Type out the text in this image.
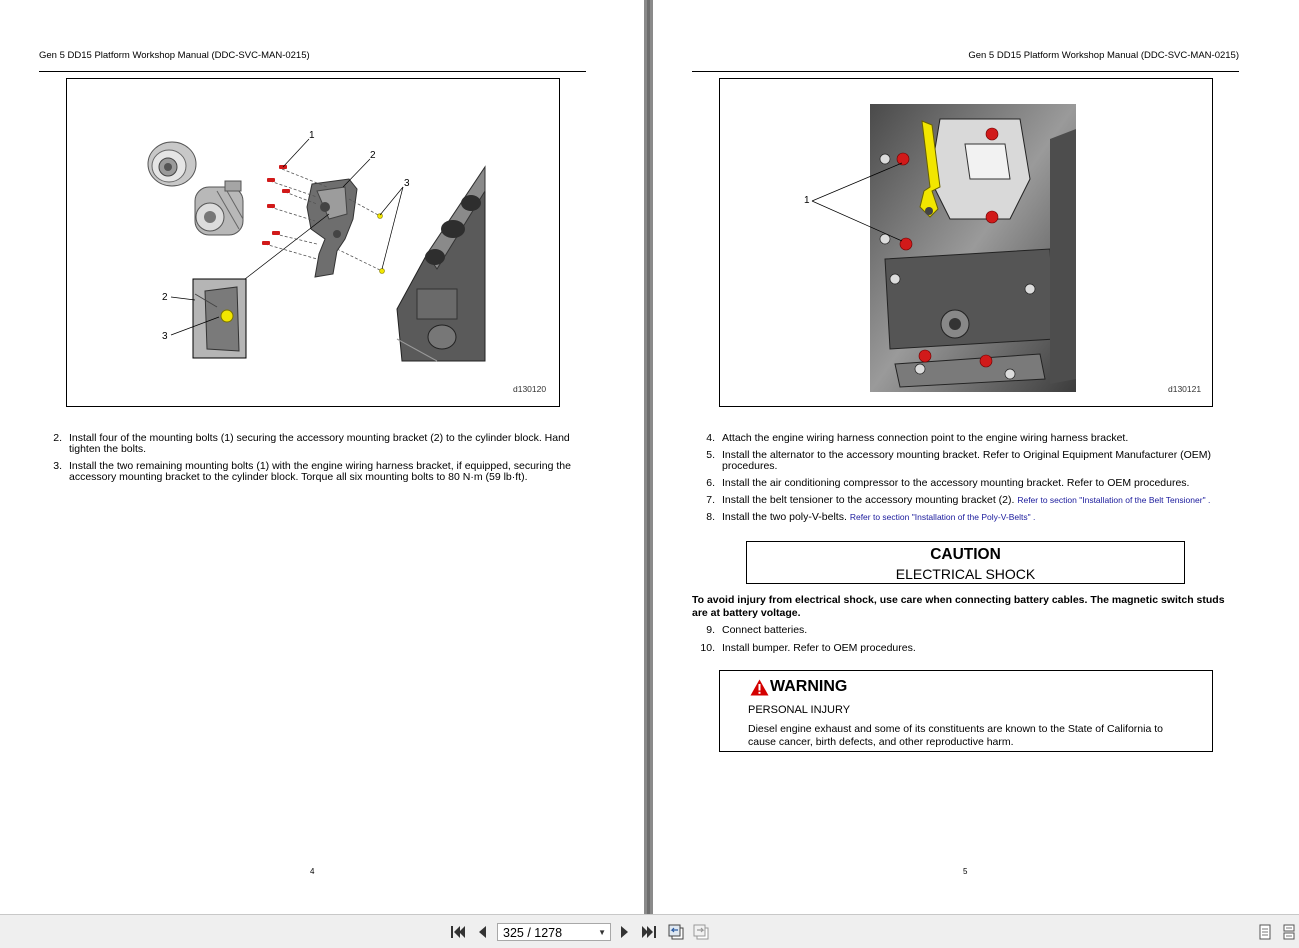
Gen 5 DD15 Platform Workshop Manual (DDC-SVC-MAN-0215)
1
2
3
2
3
d130120
2. Install four of the mounting bolts (1) securing the accessory mounting bracket (2) to the cylinder block. Hand tighten the bolts.
3. Install the two remaining mounting bolts (1) with the engine wiring harness bracket, if equipped, securing the accessory mounting bracket to the cylinder block. Torque all six mounting bolts to 80 N·m (59 lb·ft).
4
Gen 5 DD15 Platform Workshop Manual (DDC-SVC-MAN-0215)
1
d130121
4. Attach the engine wiring harness connection point to the engine wiring harness bracket.
5. Install the alternator to the accessory mounting bracket. Refer to Original Equipment Manufacturer (OEM) procedures.
6. Install the air conditioning compressor to the accessory mounting bracket. Refer to OEM procedures.
7. Install the belt tensioner to the accessory mounting bracket (2). Refer to section "Installation of the Belt Tensioner" .
8. Install the two poly-V-belts. Refer to section "Installation of the Poly-V-Belts" .
CAUTION
ELECTRICAL SHOCK
To avoid injury from electrical shock, use care when connecting battery cables. The magnetic switch studs are at battery voltage.
9. Connect batteries.
10. Install bumper. Refer to OEM procedures.
WARNING
PERSONAL INJURY
Diesel engine exhaust and some of its constituents are known to the State of California to cause cancer, birth defects, and other reproductive harm.
5
325 / 1278	▼
